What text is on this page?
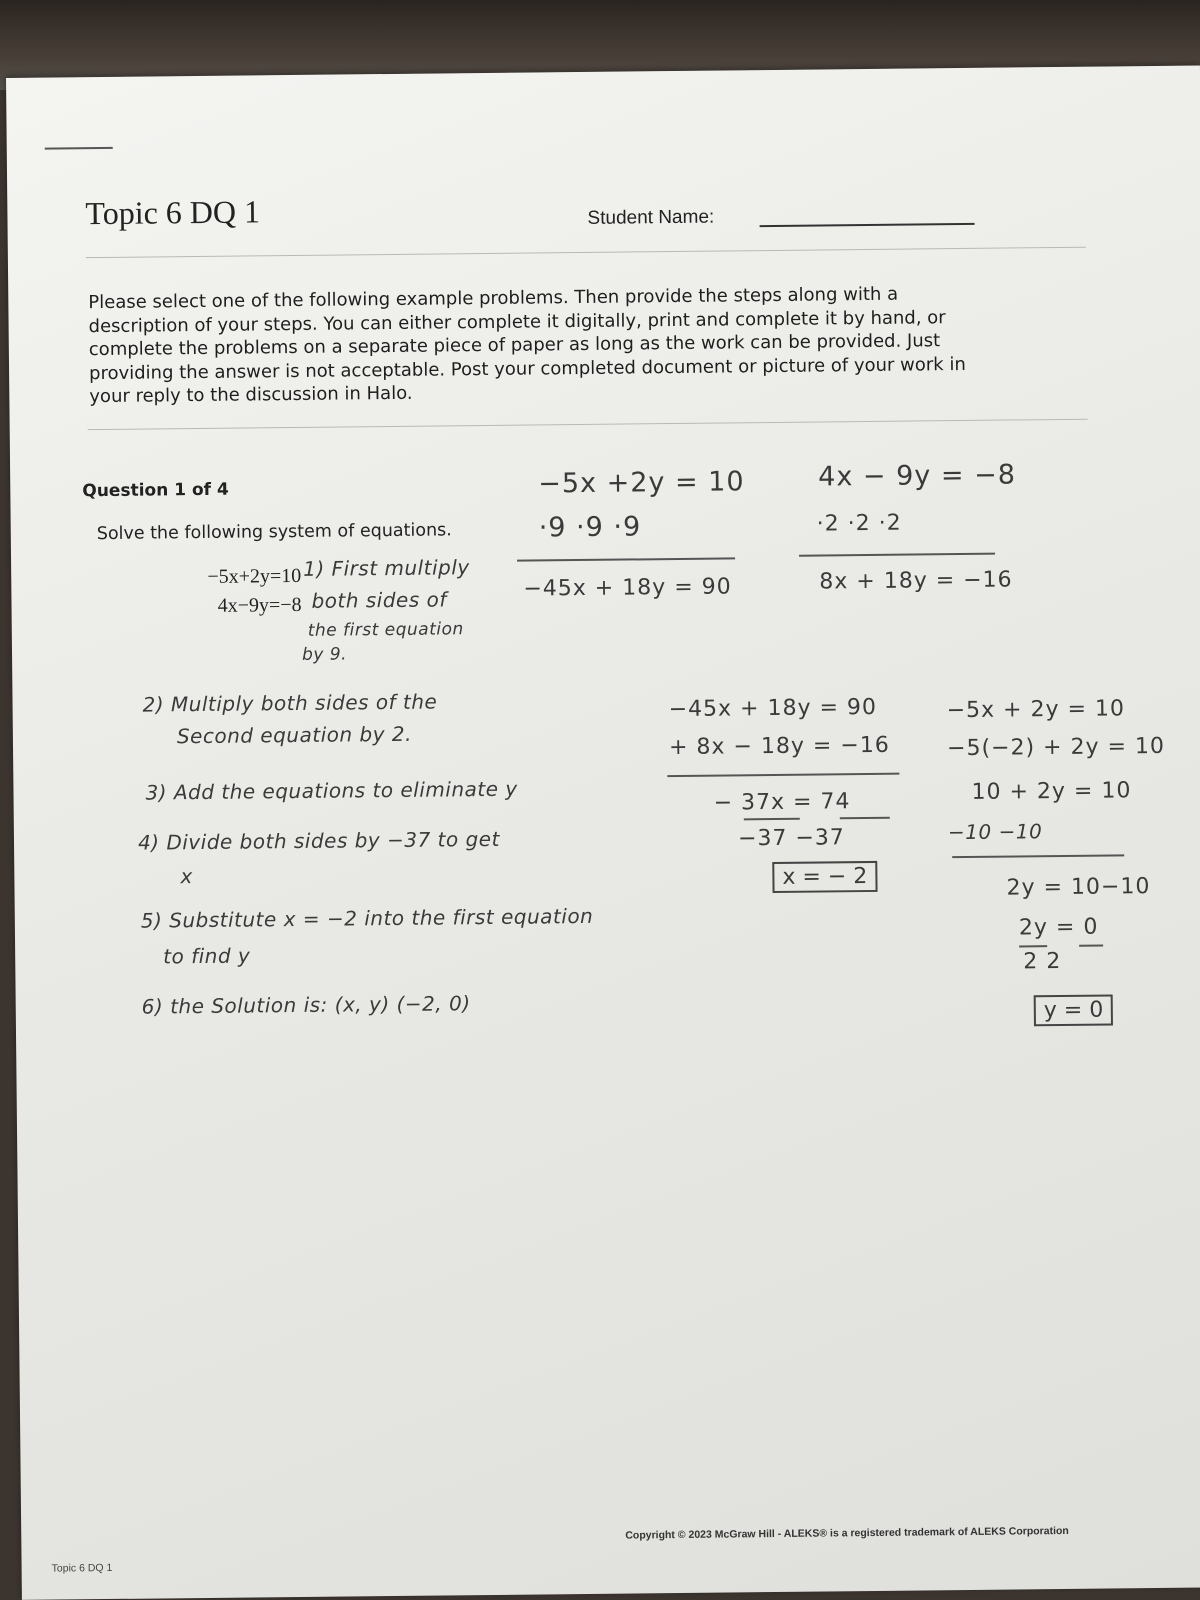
Topic 6 DQ 1	Student Name:
Please select one of the following example problems. Then provide the steps along with a description of your steps. You can either complete it digitally, print and complete it by hand, or complete the problems on a separate piece of paper as long as the work can be provided. Just providing the answer is not acceptable. Post your completed document or picture of your work in your reply to the discussion in Halo.
Question 1 of 4
Solve the following system of equations.
−5x+2y=10
4x−9y=−8
1) First multiply
both sides of
the first equation
by 9.
2) Multiply both sides of the
Second equation by 2.
3) Add the equations to eliminate y
4) Divide both sides by −37 to get
x
5) Substitute x = −2 into the first equation
to find y
6) the Solution is: (x, y) (−2, 0)
−5x +2y = 10
·9 ·9 ·9
−45x + 18y = 90
4x − 9y = −8
·2 ·2 ·2
8x + 18y = −16
−45x + 18y = 90
+ 8x − 18y = −16
− 37x = 74
−37 −37
x = − 2
−5x + 2y = 10
−5(−2) + 2y = 10
10 + 2y = 10
−10 −10
2y = 10−10
2y = 0
2 2
y = 0
Copyright © 2023 McGraw Hill - ALEKS® is a registered trademark of ALEKS Corporation
Topic 6 DQ 1
